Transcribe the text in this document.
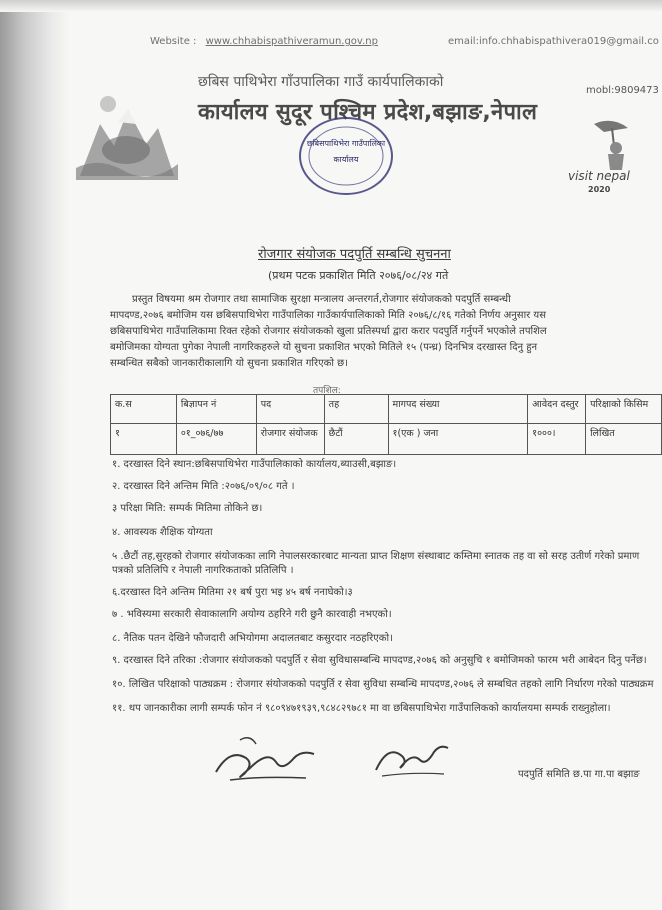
Website : www.chhabispathiveramun.gov.np	email:info.chhabispathivera019@gmail.co
mobl:9809473
छबिस पाथिभेरा गाँउपालिका गाउँ कार्यपालिकाको
कार्यालय सुदूर पश्चिम प्रदेश,बझाङ,नेपाल
छबिसपाथिभेरा गाउँपालिका
कार्यालय
visit nepal
2020
रोजगार संयोजक पदपुर्ति सम्बन्धि सुचनना
(प्रथम पटक प्रकाशित मिति २०७६/०८/२४ गते
प्रस्तुत विषयमा श्रम रोजगार तथा सामाजिक सुरक्षा मन्त्रालय अन्तरगर्त,रोजगार संयोजकको पदपुर्ति सम्बन्धी
मापदण्ड,२०७६ बमोजिम यस छबिसपाथिभेरा गाउँपालिका गाउँकार्यपालिकाको मिति २०७६/८/१६ गतेको निर्णय अनुसार यस
छबिसपाथिभेरा गाउँपालिकामा रिक्त रहेको रोजगार संयोजकको खुला प्रतिस्पर्धा द्वारा करार पदपुर्ति गर्नुपर्ने भएकोले तपशिल
बमोजिमका योग्यता पुगेका नेपाली नागरिकहरुले यो सुचना प्रकाशित भएको मितिले १५ (पन्ध्र) दिनभित्र दरखास्त दिनु हुन
सम्बन्धित सबैको जानकारीकालागि यो सुचना प्रकाशित गरिएको छ।
तपशिल:
क.स	बिज्ञापन नं	पद	तह	मागपद संख्या	आवेदन दस्तुर	परिक्षाको किसिम
१	०१_०७६/७७	रोजगार संयोजक	छैटौं	१(एक ) जना	१०००।	लिखित
१. दरखास्त दिने स्थान:छबिसपाथिभेरा गाउँपालिकाको कार्यालय,ब्याउसी,बझाङ।
२. दरखास्त दिने अन्तिम मिति :२०७६/०९/०८ गते ।
३ परिक्षा मिति: सम्पर्क मितिमा तोकिने छ।
४. आवस्यक शैक्षिक योग्यता
५ .छैटौं तह,सुरहको रोजगार संयोजकका लागि नेपालसरकारबाट मान्यता प्राप्त शिक्षण संस्थाबाट कम्तिमा स्नातक तह वा सो सरह उतीर्ण गरेको प्रमाण
पत्रको प्रतिलिपि र नेपाली नागरिकताको प्रतिलिपि ।
६.दरखास्त दिने अन्तिम मितिमा २१ बर्ष पुरा भइ ४५ बर्ष ननाघेको।३
७ . भविस्यमा सरकारी सेवाकालागि अयोग्य ठहरिने गरी छुनै कारवाही नभएको।
८. नैतिक पतन देखिने फौजदारी अभियोगमा अदालतबाट कसुरदार नठहरिएको।
९. दरखास्त दिने तरिका :रोजगार संयोजकको पदपुर्ति र सेवा सुविधासम्बन्धि मापदण्ड,२०७६ को अनुसुचि १ बमोजिमको फारम भरी आबेदन दिनु पर्नेछ।
१०. लिखित परिक्षाको पाठ्यक्रम : रोजगार संयोजकको पदपुर्ति र सेवा सुविधा सम्बन्धि मापदण्ड,२०७६ ले सम्बधित तहको लागि निर्धारण गरेको पाठ्यक्रम
११. थप जानकारीका लागी सम्पर्क फोन नं ९८०९४७१९३९,९८४८२९७८१ मा वा छबिसपाथिभेरा गाउँपालिकको कार्यालयमा सम्पर्क राख्नुहोला।
पदपुर्ति समिति छ.पा गा.पा बझाङ
